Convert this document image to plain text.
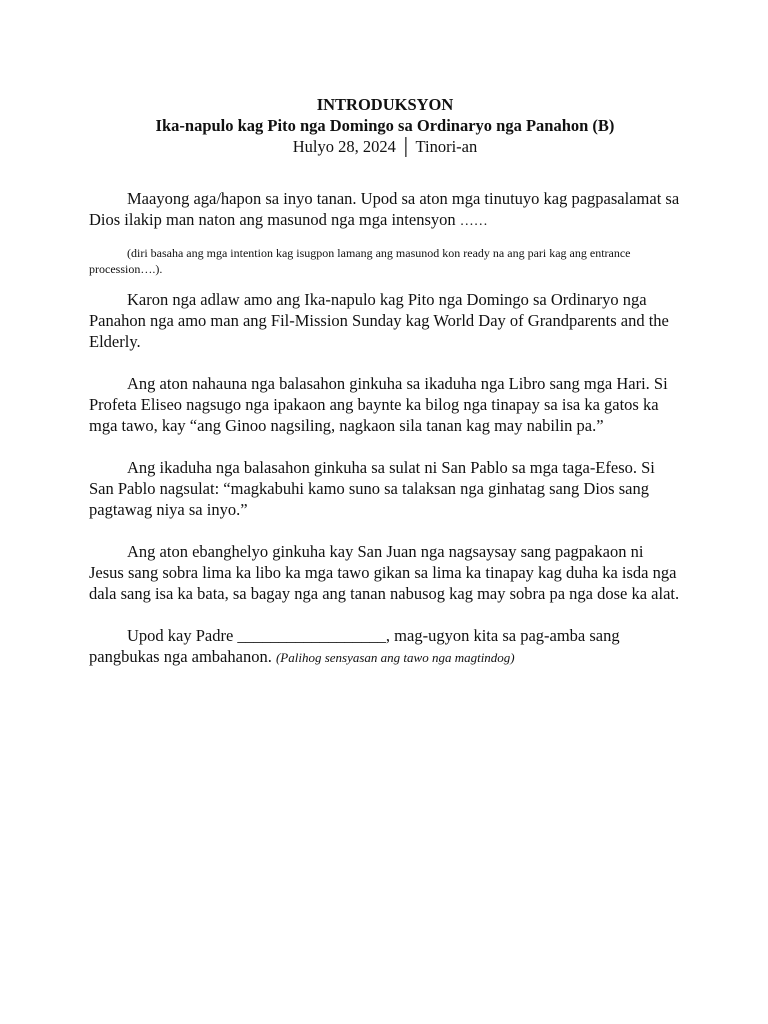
INTRODUKSYON
Ika-napulo kag Pito nga Domingo sa Ordinaryo nga Panahon (B)
Hulyo 28, 2024 │ Tinori-an

Maayong aga/hapon sa inyo tanan. Upod sa aton mga tinutuyo kag pagpasalamat sa Dios ilakip man naton ang masunod nga mga intensyon ……

(diri basaha ang mga intention kag isugpon lamang ang masunod kon ready na ang pari kag ang entrance procession….).

Karon nga adlaw amo ang Ika-napulo kag Pito nga Domingo sa Ordinaryo nga Panahon nga amo man ang Fil-Mission Sunday kag World Day of Grandparents and the Elderly.

Ang aton nahauna nga balasahon ginkuha sa ikaduha nga Libro sang mga Hari. Si Profeta Eliseo nagsugo nga ipakaon ang baynte ka bilog nga tinapay sa isa ka gatos ka mga tawo, kay “ang Ginoo nagsiling, nagkaon sila tanan kag may nabilin pa.”

Ang ikaduha nga balasahon ginkuha sa sulat ni San Pablo sa mga taga-Efeso. Si San Pablo nagsulat: “magkabuhi kamo suno sa talaksan nga ginhatag sang Dios sang pagtawag niya sa inyo.”

Ang aton ebanghelyo ginkuha kay San Juan nga nagsaysay sang pagpakaon ni Jesus sang sobra lima ka libo ka mga tawo gikan sa lima ka tinapay kag duha ka isda nga dala sang isa ka bata, sa bagay nga ang tanan nabusog kag may sobra pa nga dose ka alat.

Upod kay Padre __________________, mag-ugyon kita sa pag-amba sang pangbukas nga ambahanon. (Palihog sensyasan ang tawo nga magtindog)
